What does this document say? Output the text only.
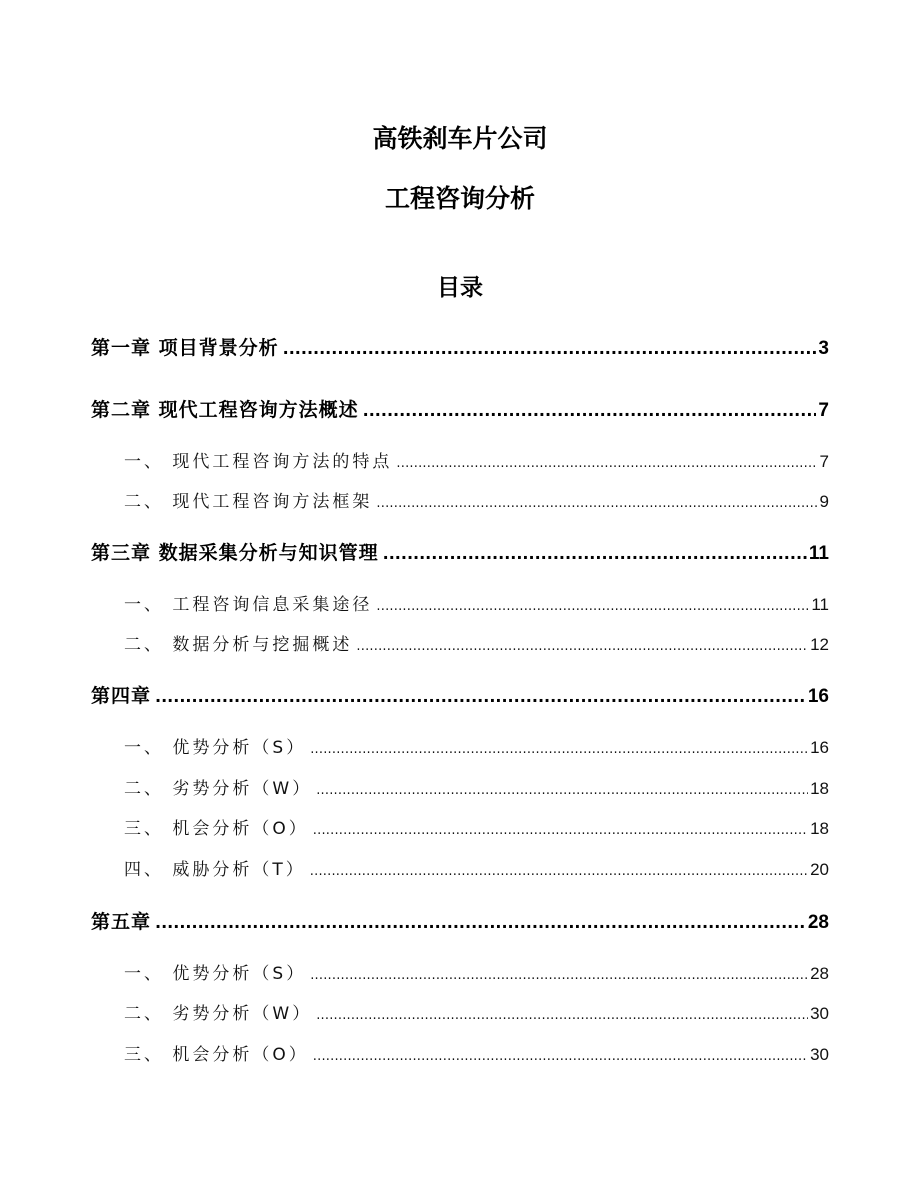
高铁刹车片公司
工程咨询分析
目录
第一章 项目背景分析 .....	3
第二章 现代工程咨询方法概述 .....	7
一、 现代工程咨询方法的特点 .....	7
二、 现代工程咨询方法框架 .....	9
第三章 数据采集分析与知识管理 .....	11
一、 工程咨询信息采集途径 .....	11
二、 数据分析与挖掘概述 .....	12
第四章 .....	16
一、 优势分析（S） .....	16
二、 劣势分析（W） .....	18
三、 机会分析（O） .....	18
四、 威胁分析（T） .....	20
第五章 .....	28
一、 优势分析（S） .....	28
二、 劣势分析（W） .....	30
三、 机会分析（O） .....	30
